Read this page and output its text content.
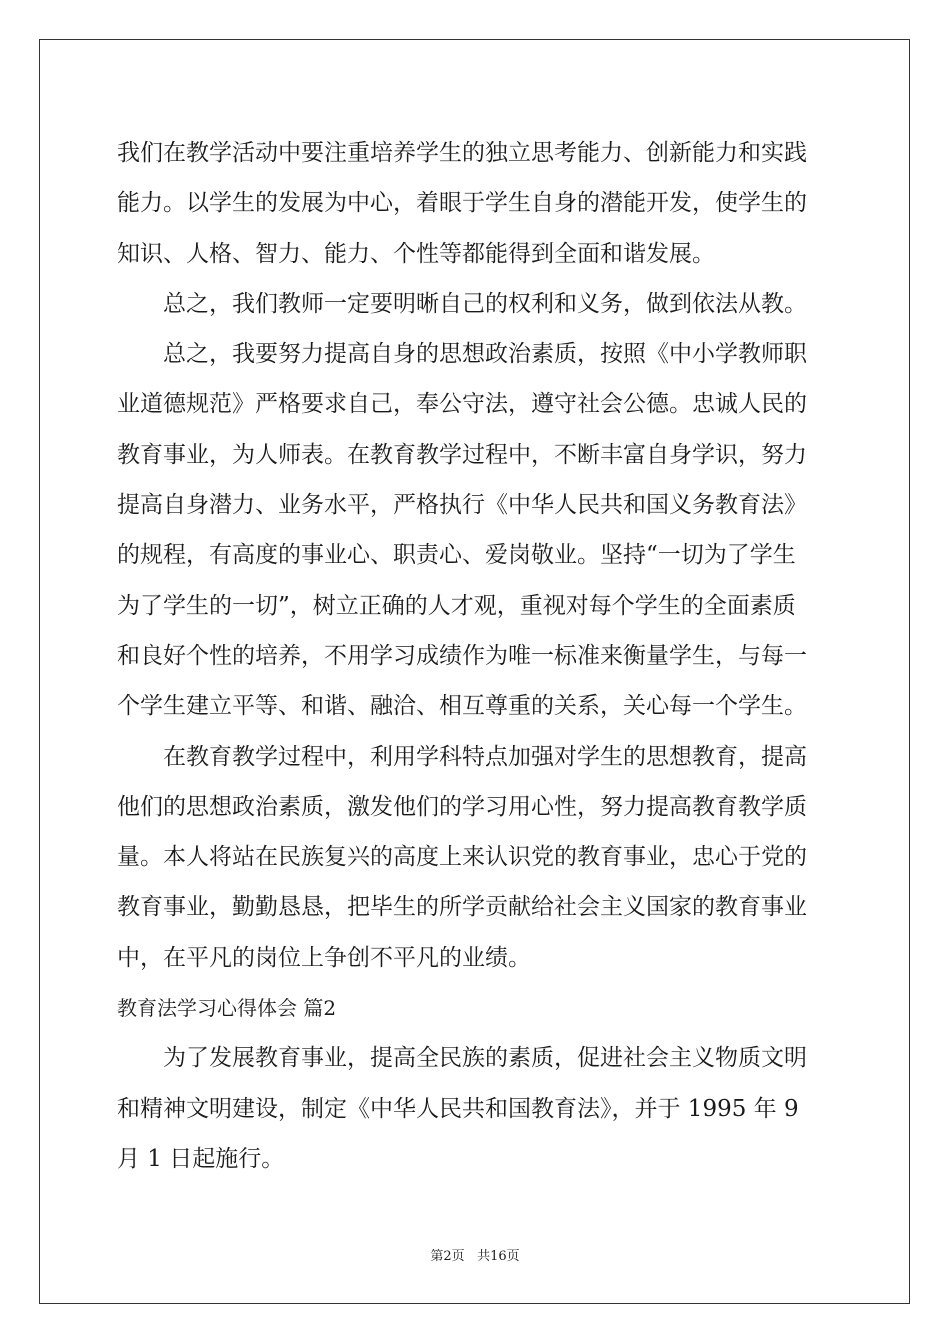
我们在教学活动中要注重培养学生的独立思考能力、创新能力和实践
能力。以学生的发展为中心，着眼于学生自身的潜能开发，使学生的
知识、人格、智力、能力、个性等都能得到全面和谐发展。
总之，我们教师一定要明晰自己的权利和义务，做到依法从教。
总之，我要努力提高自身的思想政治素质，按照《中小学教师职
业道德规范》严格要求自己，奉公守法，遵守社会公德。忠诚人民的
教育事业，为人师表。在教育教学过程中，不断丰富自身学识，努力
提高自身潜力、业务水平，严格执行《中华人民共和国义务教育法》
的规程，有高度的事业心、职责心、爱岗敬业。坚持“一切为了学生
为了学生的一切”，树立正确的人才观，重视对每个学生的全面素质
和良好个性的培养，不用学习成绩作为唯一标准来衡量学生，与每一
个学生建立平等、和谐、融洽、相互尊重的关系，关心每一个学生。
在教育教学过程中，利用学科特点加强对学生的思想教育，提高
他们的思想政治素质，激发他们的学习用心性，努力提高教育教学质
量。本人将站在民族复兴的高度上来认识党的教育事业，忠心于党的
教育事业，勤勤恳恳，把毕生的所学贡献给社会主义国家的教育事业
中，在平凡的岗位上争创不平凡的业绩。
教育法学习心得体会 篇2
为了发展教育事业，提高全民族的素质，促进社会主义物质文明
和精神文明建设，制定《中华人民共和国教育法》，并于 1995 年 9
月 1 日起施行。
第2页 共16页
